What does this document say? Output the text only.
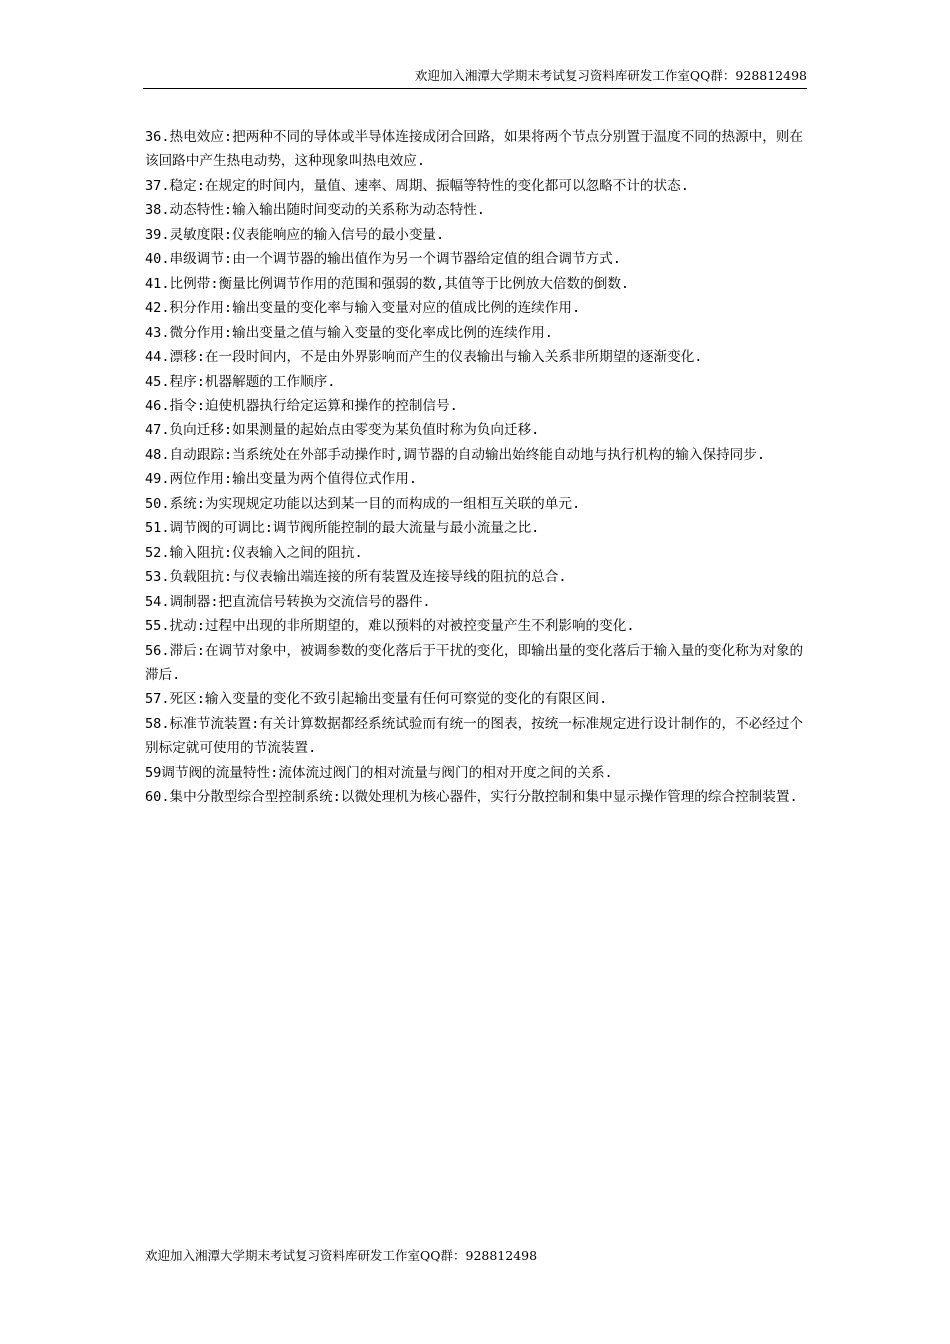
欢迎加入湘潭大学期末考试复习资料库研发工作室QQ群：928812498

36.热电效应:把两种不同的导体或半导体连接成闭合回路，如果将两个节点分别置于温度不同的热源中，则在该回路中产生热电动势，这种现象叫热电效应.

37.稳定:在规定的时间内，量值、速率、周期、振幅等特性的变化都可以忽略不计的状态.

38.动态特性:输入输出随时间变动的关系称为动态特性.

39.灵敏度限:仪表能响应的输入信号的最小变量.

40.串级调节:由一个调节器的输出值作为另一个调节器给定值的组合调节方式.

41.比例带:衡量比例调节作用的范围和强弱的数,其值等于比例放大倍数的倒数.

42.积分作用:输出变量的变化率与输入变量对应的值成比例的连续作用.

43.微分作用:输出变量之值与输入变量的变化率成比例的连续作用.

44.漂移:在一段时间内，不是由外界影响而产生的仪表输出与输入关系非所期望的逐渐变化.

45.程序:机器解题的工作顺序.

46.指令:迫使机器执行给定运算和操作的控制信号.

47.负向迁移:如果测量的起始点由零变为某负值时称为负向迁移.

48.自动跟踪:当系统处在外部手动操作时,调节器的自动输出始终能自动地与执行机构的输入保持同步.

49.两位作用:输出变量为两个值得位式作用.

50.系统:为实现规定功能以达到某一目的而构成的一组相互关联的单元.

51.调节阀的可调比:调节阀所能控制的最大流量与最小流量之比.

52.输入阻抗:仪表输入之间的阻抗.

53.负载阻抗:与仪表输出端连接的所有装置及连接导线的阻抗的总合.

54.调制器:把直流信号转换为交流信号的器件.

55.扰动:过程中出现的非所期望的，难以预料的对被控变量产生不利影响的变化.

56.滞后:在调节对象中，被调参数的变化落后于干扰的变化，即输出量的变化落后于输入量的变化称为对象的滞后.

57.死区:输入变量的变化不致引起输出变量有任何可察觉的变化的有限区间.

58.标准节流装置:有关计算数据都经系统试验而有统一的图表，按统一标准规定进行设计制作的，不必经过个别标定就可使用的节流装置.

59调节阀的流量特性:流体流过阀门的相对流量与阀门的相对开度之间的关系.

60.集中分散型综合型控制系统:以微处理机为核心器件，实行分散控制和集中显示操作管理的综合控制装置.

欢迎加入湘潭大学期末考试复习资料库研发工作室QQ群：928812498
